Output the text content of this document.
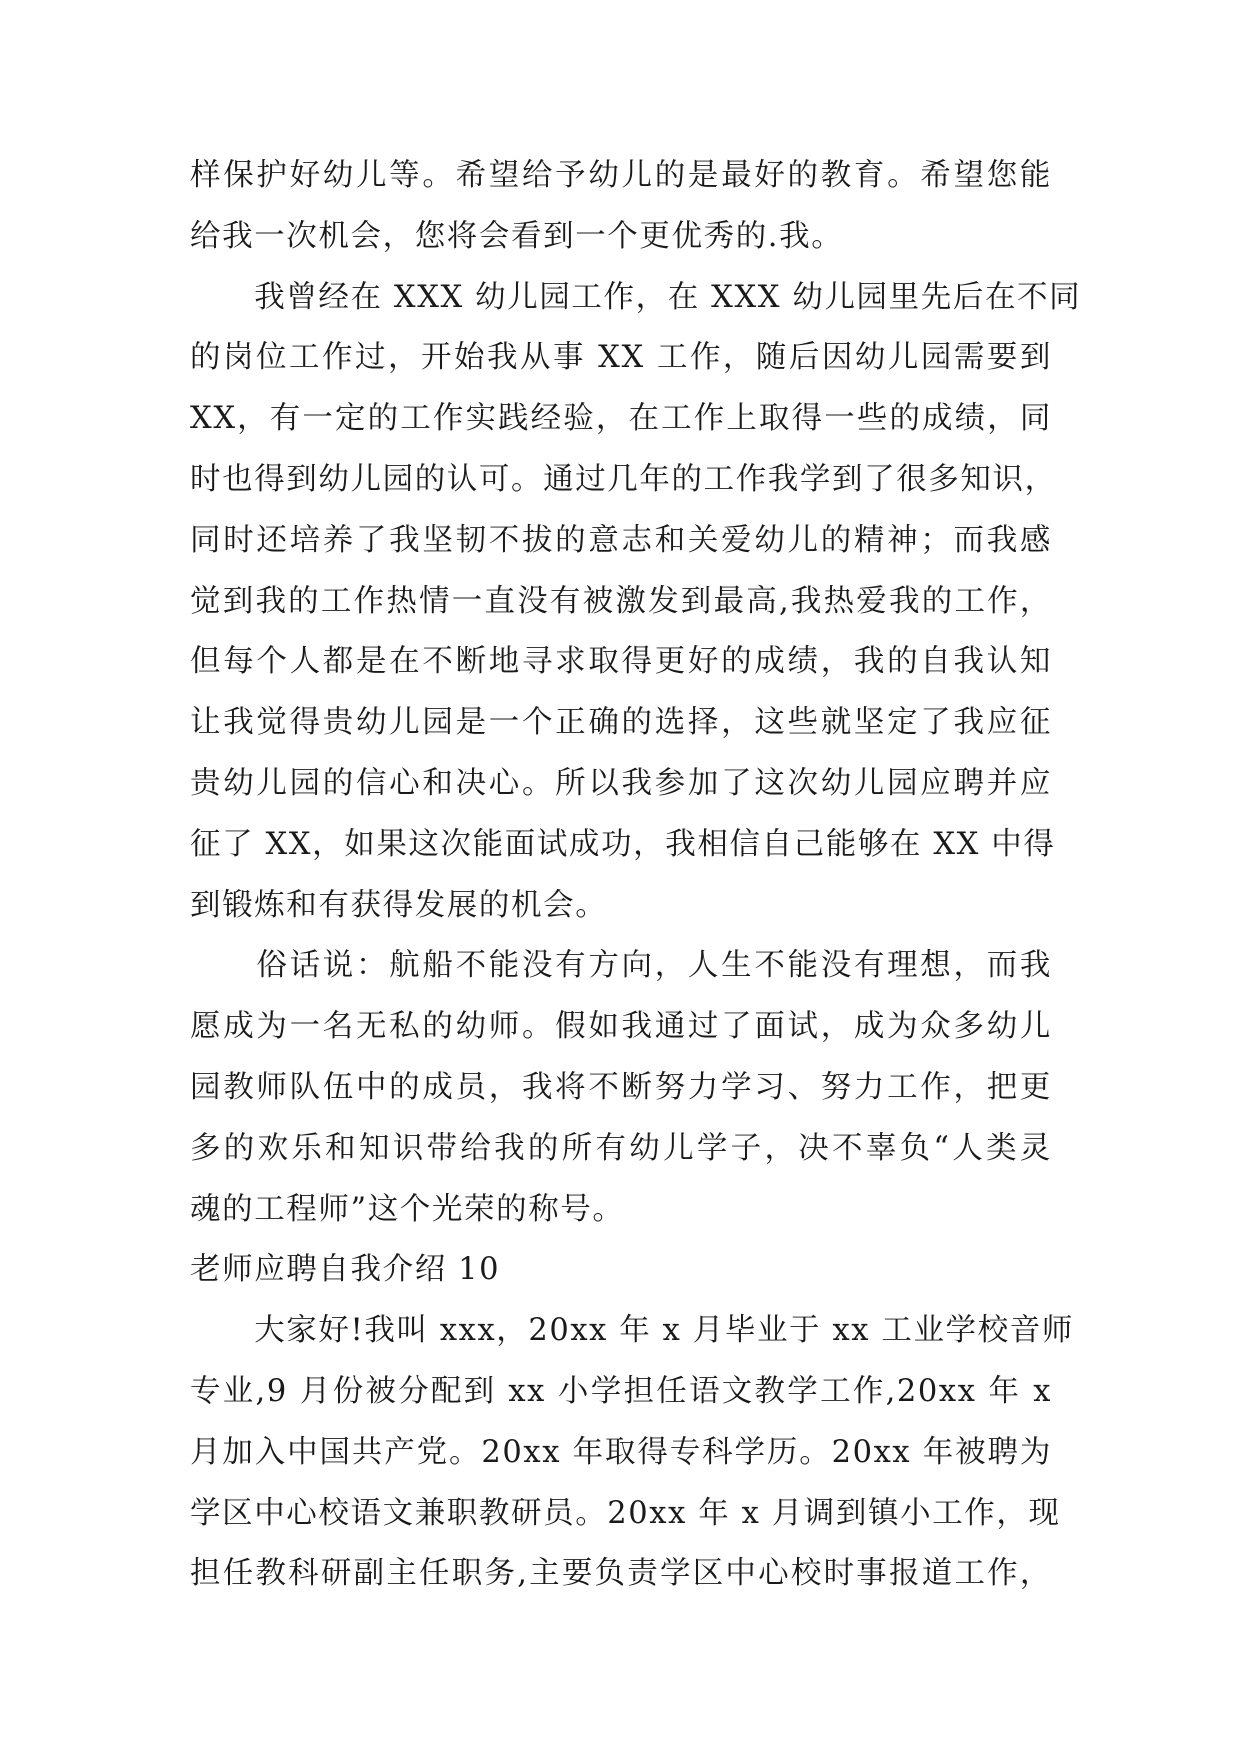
样保护好幼儿等。希望给予幼儿的是最好的教育。希望您能
给我一次机会，您将会看到一个更优秀的.我。
　　我曾经在 XXX 幼儿园工作，在 XXX 幼儿园里先后在不同
的岗位工作过，开始我从事 XX 工作，随后因幼儿园需要到
XX，有一定的工作实践经验，在工作上取得一些的成绩，同
时也得到幼儿园的认可。通过几年的工作我学到了很多知识，
同时还培养了我坚韧不拔的意志和关爱幼儿的精神；而我感
觉到我的工作热情一直没有被激发到最高,我热爱我的工作，
但每个人都是在不断地寻求取得更好的成绩，我的自我认知
让我觉得贵幼儿园是一个正确的选择，这些就坚定了我应征
贵幼儿园的信心和决心。所以我参加了这次幼儿园应聘并应
征了 XX，如果这次能面试成功，我相信自己能够在 XX 中得
到锻炼和有获得发展的机会。
　　俗话说：航船不能没有方向，人生不能没有理想，而我
愿成为一名无私的幼师。假如我通过了面试，成为众多幼儿
园教师队伍中的成员，我将不断努力学习、努力工作，把更
多的欢乐和知识带给我的所有幼儿学子，决不辜负“人类灵
魂的工程师”这个光荣的称号。
老师应聘自我介绍 10
　　大家好!我叫 xxx，20xx 年 x 月毕业于 xx 工业学校音师
专业,9 月份被分配到 xx 小学担任语文教学工作,20xx 年 x
月加入中国共产党。20xx 年取得专科学历。20xx 年被聘为
学区中心校语文兼职教研员。20xx 年 x 月调到镇小工作，现
担任教科研副主任职务,主要负责学区中心校时事报道工作，
